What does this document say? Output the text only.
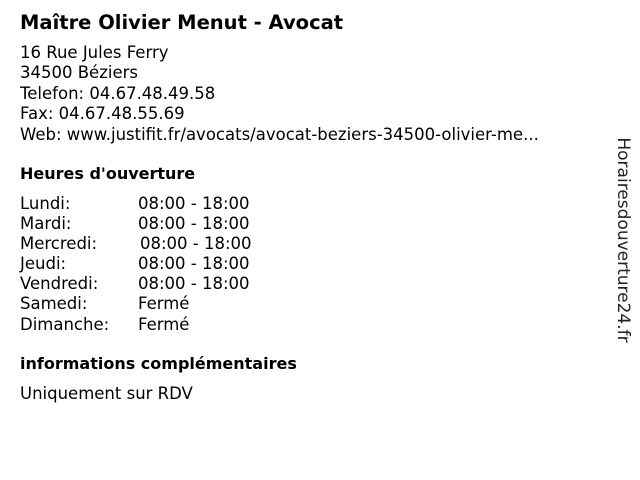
Maître Olivier Menut - Avocat
16 Rue Jules Ferry
34500 Béziers
Telefon: 04.67.48.49.58
Fax: 04.67.48.55.69
Web: www.justifit.fr/avocats/avocat-beziers-34500-olivier-me...
Heures d'ouverture
Lundi:	08:00 - 18:00
Mardi:	08:00 - 18:00
Mercredi:	08:00 - 18:00
Jeudi:	08:00 - 18:00
Vendredi: 08:00 - 18:00
Samedi:	Fermé
Dimanche: Fermé
informations complémentaires
Uniquement sur RDV
Horairesdouverture24.fr
